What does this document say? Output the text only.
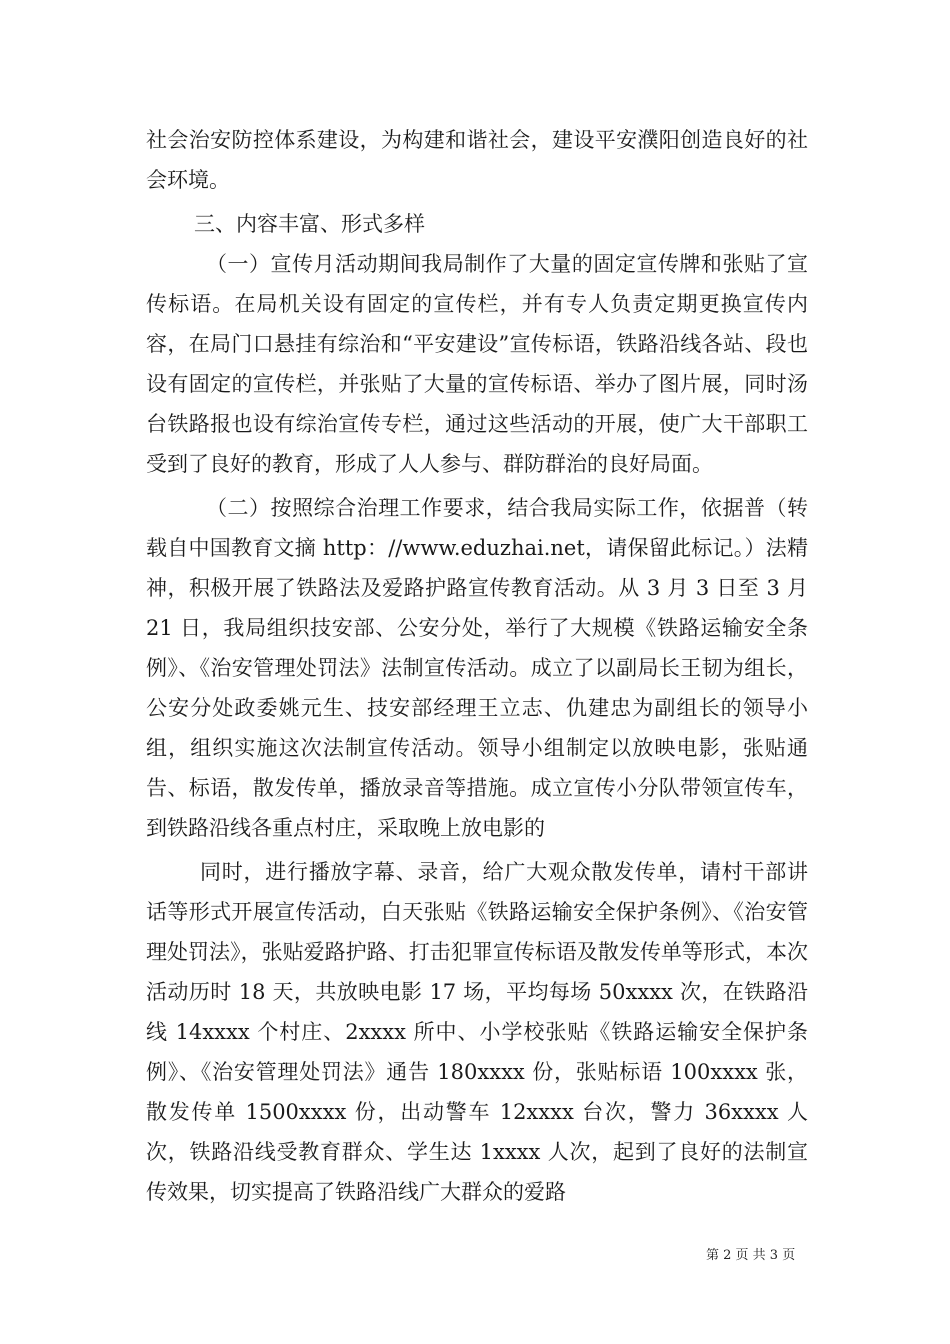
社会治安防控体系建设，为构建和谐社会，建设平安濮阳创造良好的社会环境。

三、内容丰富、形式多样

（一）宣传月活动期间我局制作了大量的固定宣传牌和张贴了宣传标语。在局机关设有固定的宣传栏，并有专人负责定期更换宣传内容，在局门口悬挂有综治和“平安建设”宣传标语，铁路沿线各站、段也设有固定的宣传栏，并张贴了大量的宣传标语、举办了图片展，同时汤台铁路报也设有综治宣传专栏，通过这些活动的开展，使广大干部职工受到了良好的教育，形成了人人参与、群防群治的良好局面。

（二）按照综合治理工作要求，结合我局实际工作，依据普（转载自中国教育文摘 http：//www.eduzhai.net，请保留此标记。）法精神，积极开展了铁路法及爱路护路宣传教育活动。从 3 月 3 日至 3 月 21 日，我局组织技安部、公安分处，举行了大规模《铁路运输安全条例》、《治安管理处罚法》法制宣传活动。成立了以副局长王韧为组长，公安分处政委姚元生、技安部经理王立志、仇建忠为副组长的领导小组，组织实施这次法制宣传活动。领导小组制定以放映电影，张贴通告、标语，散发传单，播放录音等措施。成立宣传小分队带领宣传车，到铁路沿线各重点村庄，采取晚上放电影的

同时，进行播放字幕、录音，给广大观众散发传单，请村干部讲话等形式开展宣传活动，白天张贴《铁路运输安全保护条例》、《治安管理处罚法》，张贴爱路护路、打击犯罪宣传标语及散发传单等形式，本次活动历时 18 天，共放映电影 17 场，平均每场 50xxxx 次，在铁路沿线 14xxxx 个村庄、2xxxx 所中、小学校张贴《铁路运输安全保护条例》、《治安管理处罚法》通告 180xxxx 份，张贴标语 100xxxx 张，散发传单 1500xxxx 份，出动警车 12xxxx 台次，警力 36xxxx 人次，铁路沿线受教育群众、学生达 1xxxx 人次，起到了良好的法制宣传效果，切实提高了铁路沿线广大群众的爱路

第 2 页 共 3 页
